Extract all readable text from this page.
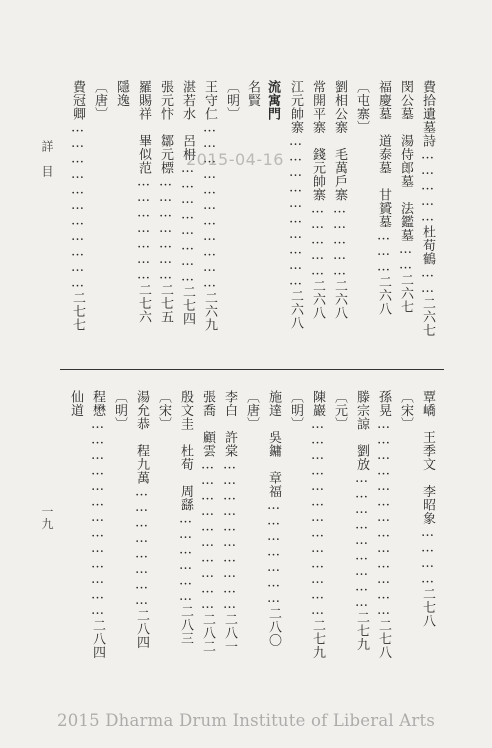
詳　目	費拾遺墓詩……………杜荀鶴……二六七
閔公墓　湯侍郎墓　法鑑墓……二六七
福慶墓　道泰墓　甘贇墓………二六八
〔屯寨〕
劉相公寨　毛萬戶寨……………二六八
常開平寨　錢元帥寨……………二六八
江元帥寨…………………………二六八
流寓門
名賢
〔明〕
王守仁……………………………二六九
湛若水　呂枏……………………二七四
張元忭　鄒元標…………………二七五
羅賜祥　畢似范…………………二七六
隱逸
〔唐〕
費冠卿……………………………二七七
覃嶠　王季文　李昭象…………二七八
〔宋〕
孫晃…………………………………二七八
滕宗諒　劉放………………………二七九
〔元〕
陳巖…………………………………二七九
〔明〕
施達　吳鏞　章福…………………二八〇
〔唐〕
李白　許棠…………………………二八一
張喬　顧雲…………………………二八二
殷文圭　杜荀　周繇………………二八三
〔宋〕
湯允恭　程九萬……………………二八四
〔明〕
程懋…………………………………二八四
仙道
一九
2015-04-16
2015 Dharma Drum Institute of Liberal Arts
